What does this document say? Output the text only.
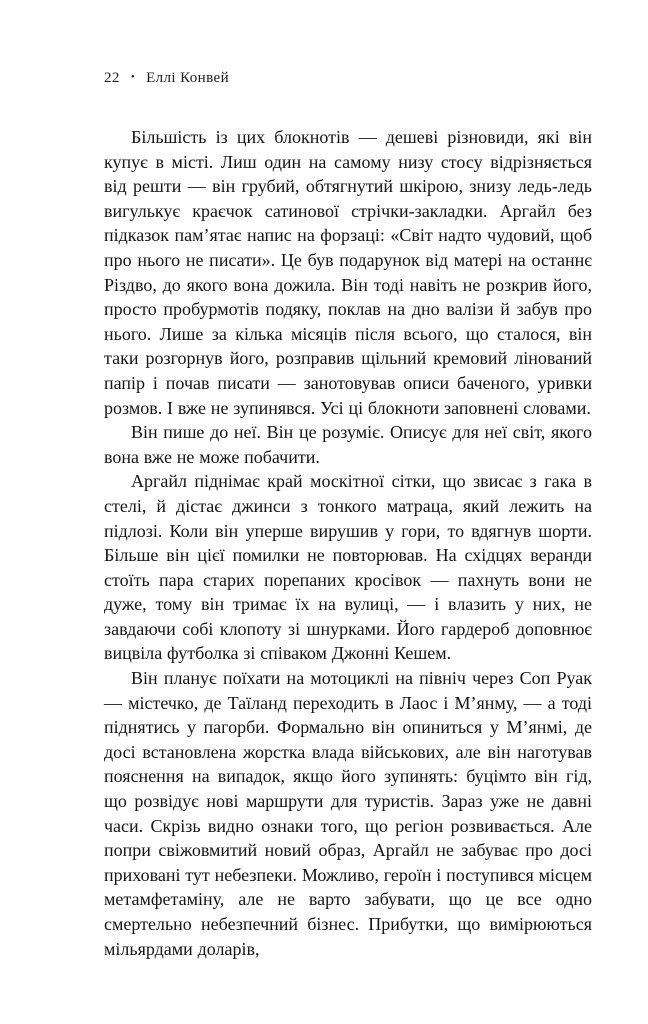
22 • Еллі Конвей

Більшість із цих блокнотів — дешеві різновиди, які він купує в місті. Лиш один на самому низу стосу відрізняється від решти — він грубий, обтягнутий шкірою, знизу ледь-ледь вигулькує краєчок сатинової стрічки-закладки. Аргайл без підказок пам’ятає напис на форзаці: «Світ надто чудовий, щоб про нього не писати». Це був подарунок від матері на останнє Різдво, до якого вона дожила. Він тоді навіть не розкрив його, просто пробурмотів подяку, поклав на дно валізи й забув про нього. Лише за кілька місяців після всього, що сталося, він таки розгорнув його, розправив щільний кремовий лінований папір і почав писати — занотовував описи баченого, уривки розмов. І вже не зупинявся. Усі ці блокноти заповнені словами.

Він пише до неї. Він це розуміє. Описує для неї світ, якого вона вже не може побачити.

Аргайл піднімає край москітної сітки, що звисає з гака в стелі, й дістає джинси з тонкого матраца, який лежить на підлозі. Коли він уперше вирушив у гори, то вдягнув шорти. Більше він цієї помилки не повторював. На східцях веранди стоїть пара старих порепаних кросівок — пахнуть вони не дуже, тому він тримає їх на вулиці, — і влазить у них, не завдаючи собі клопоту зі шнурками. Його гардероб доповнює вицвіла футболка зі співаком Джонні Кешем.

Він планує поїхати на мотоциклі на північ через Соп Руак — містечко, де Таїланд переходить в Лаос і М’янму, — а тоді піднятись у пагорби. Формально він опиниться у М’янмі, де досі встановлена жорстка влада військових, але він наготував пояснення на випадок, якщо його зупинять: буцімто він гід, що розвідує нові маршрути для туристів. Зараз уже не давні часи. Скрізь видно ознаки того, що регіон розвивається. Але попри свіжовмитий новий образ, Аргайл не забуває про досі приховані тут небезпеки. Можливо, героїн і поступився місцем метамфетаміну, але не варто забувати, що це все одно смертельно небезпечний бізнес. Прибутки, що вимірюються мільярдами доларів,
